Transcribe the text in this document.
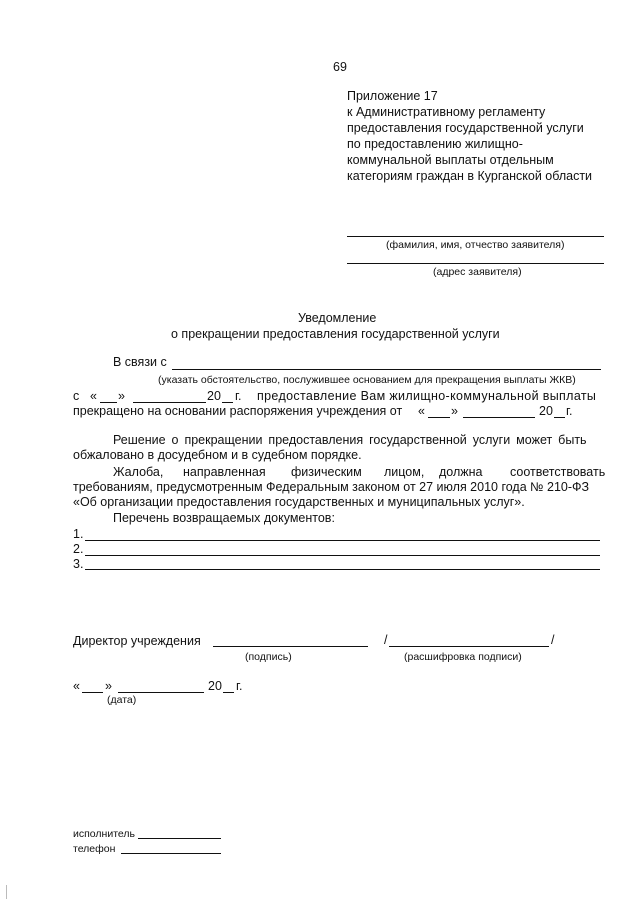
69
Приложение 17
к Административному регламенту
предоставления государственной услуги
по предоставлению жилищно-
коммунальной выплаты отдельным
категориям граждан в Курганской области
(фамилия, имя, отчество заявителя)
(адрес заявителя)
Уведомление
о прекращении предоставления государственной услуги
В связи с
(указать обстоятельство, послужившее основанием для прекращения выплаты ЖКВ)
с « »	20 г. предоставление Вам жилищно-коммунальной выплаты
прекращено на основании распоряжения учреждения от « »	20 г.
Решение о прекращении предоставления государственной услуги может быть
обжаловано в досудебном и в судебном порядке.
Жалоба, направленная физическим лицом, должна соответствовать
требованиям, предусмотренным Федеральным законом от 27 июля 2010 года № 210-ФЗ
«Об организации предоставления государственных и муниципальных услуг».
Перечень возвращаемых документов:
1.
2.
3.
Директор учреждения
(подпись)
/	/
(расшифровка подписи)
« »	20 г.
(дата)
исполнитель
телефон
